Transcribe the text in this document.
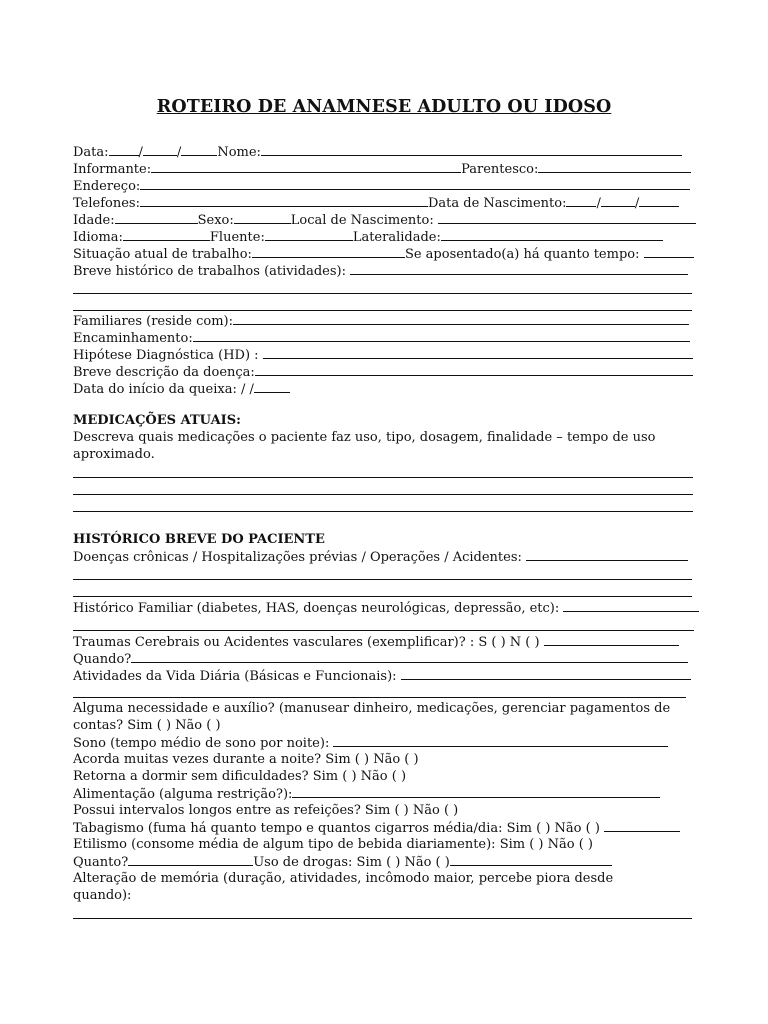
ROTEIRO DE ANAMNESE ADULTO OU IDOSO
Data: /	/	Nome:
Informante:	Parentesco:
Endereço:
Telefones:	Data de Nascimento: /	/
Idade:	Sexo:	Local de Nascimento:
Idioma:	Fluente:	Lateralidade:
Situação atual de trabalho:	Se aposentado(a) há quanto tempo:
Breve histórico de trabalhos (atividades):
Familiares (reside com):
Encaminhamento:
Hipótese Diagnóstica (HD) :
Breve descrição da doença:
Data do início da queixa: / /
MEDICAÇÕES ATUAIS:
Descreva quais medicações o paciente faz uso, tipo, dosagem, finalidade – tempo de uso
aproximado.
HISTÓRICO BREVE DO PACIENTE
Doenças crônicas / Hospitalizações prévias / Operações / Acidentes:
Histórico Familiar (diabetes, HAS, doenças neurológicas, depressão, etc):
Traumas Cerebrais ou Acidentes vasculares (exemplificar)? : S ( ) N ( )
Quando?
Atividades da Vida Diária (Básicas e Funcionais):
Alguma necessidade e auxílio? (manusear dinheiro, medicações, gerenciar pagamentos de
contas? Sim ( ) Não ( )
Sono (tempo médio de sono por noite):
Acorda muitas vezes durante a noite? Sim ( ) Não ( )
Retorna a dormir sem dificuldades? Sim ( ) Não ( )
Alimentação (alguma restrição?):
Possui intervalos longos entre as refeições? Sim ( ) Não ( )
Tabagismo (fuma há quanto tempo e quantos cigarros média/dia: Sim ( ) Não ( )
Etilismo (consome média de algum tipo de bebida diariamente): Sim ( ) Não ( )
Quanto?	Uso de drogas: Sim ( ) Não ( )
Alteração de memória (duração, atividades, incômodo maior, percebe piora desde
quando):
